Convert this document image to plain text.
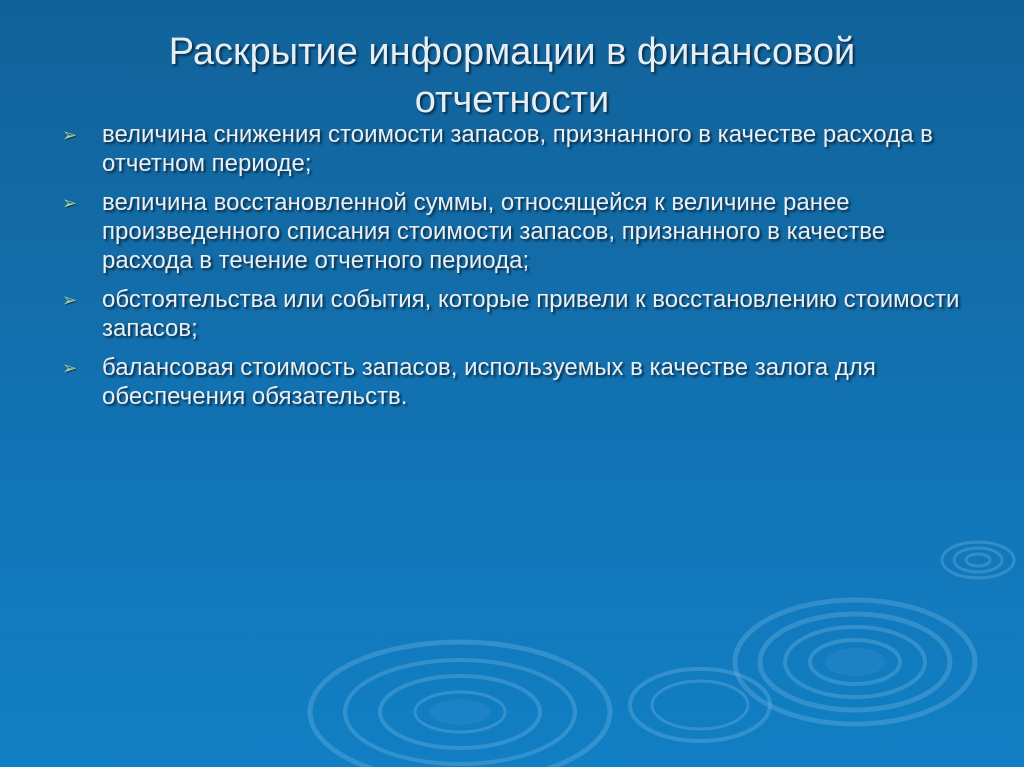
Раскрытие информации в финансовой отчетности
➢ величина снижения стоимости запасов, признанного в качестве расхода в отчетном периоде;
➢ величина восстановленной суммы, относящейся к величине ранее произведенного списания стоимости запасов, признанного в качестве расхода в течение отчетного периода;
➢ обстоятельства или события, которые привели к восстановлению стоимости запасов;
➢ балансовая стоимость запасов, используемых в качестве залога для обеспечения обязательств.
